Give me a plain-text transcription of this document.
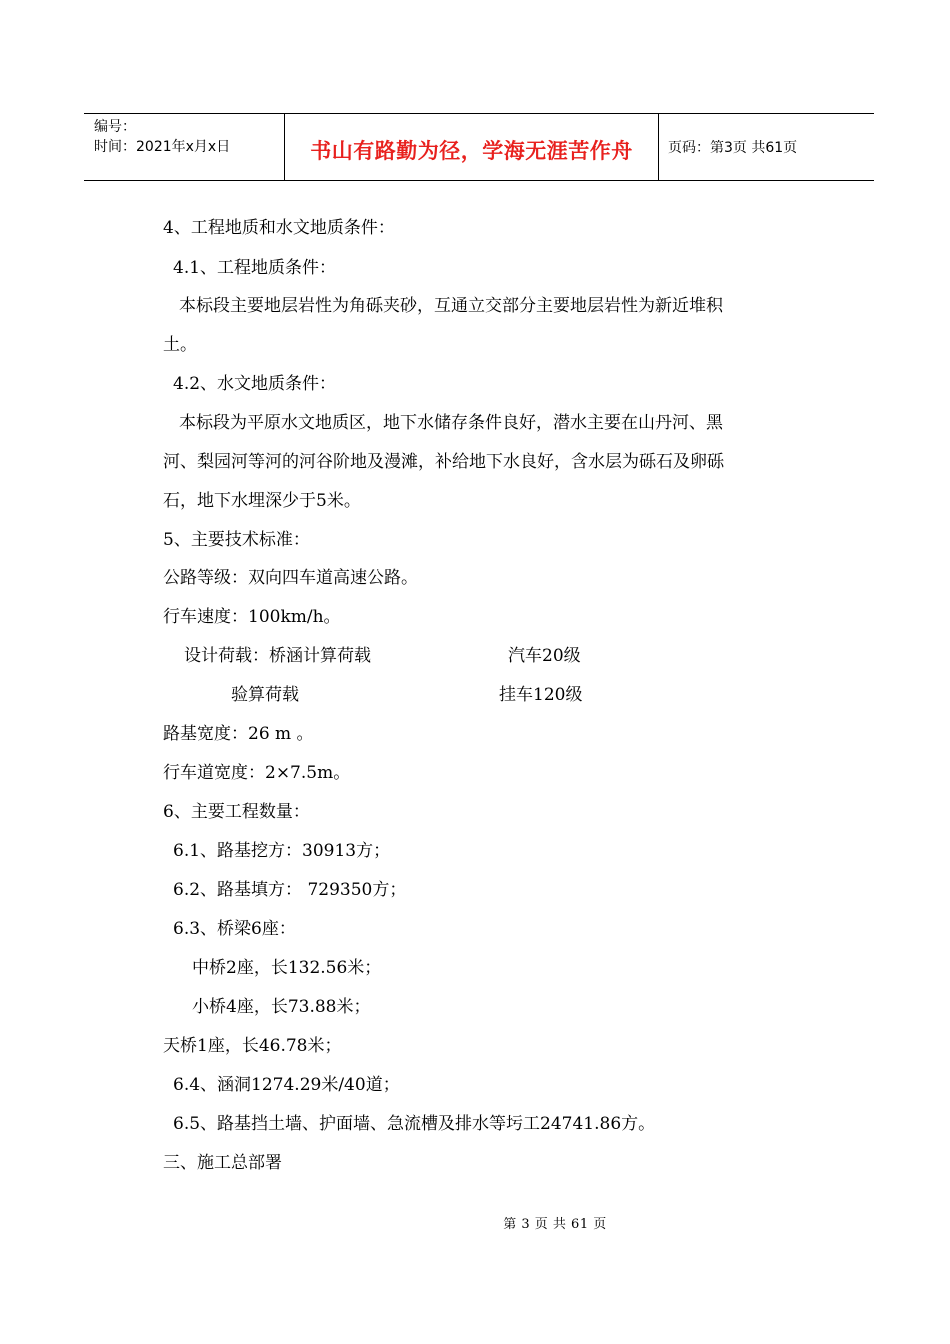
编号：
时间：2021年x月x日	书山有路勤为径，学海无涯苦作舟	页码：第3页 共61页
4、工程地质和水文地质条件：
4.1、工程地质条件：
本标段主要地层岩性为角砾夹砂，互通立交部分主要地层岩性为新近堆积
土。
4.2、水文地质条件：
本标段为平原水文地质区，地下水储存条件良好，潜水主要在山丹河、黑
河、梨园河等河的河谷阶地及漫滩，补给地下水良好，含水层为砾石及卵砾
石，地下水埋深少于5米。
5、主要技术标准：
公路等级：双向四车道高速公路。
行车速度：100km/h。
设计荷载：桥涵计算荷载	汽车20级
验算荷载	挂车120级
路基宽度：26 m 。
行车道宽度：2×7.5m。
6、主要工程数量：
6.1、路基挖方：30913方；
6.2、路基填方： 729350方；
6.3、桥梁6座：
中桥2座，长132.56米；
小桥4座，长73.88米；
天桥1座，长46.78米；
6.4、涵洞1274.29米/40道；
6.5、路基挡土墙、护面墙、急流槽及排水等圬工24741.86方。
三、施工总部署
第 3 页 共 61 页
